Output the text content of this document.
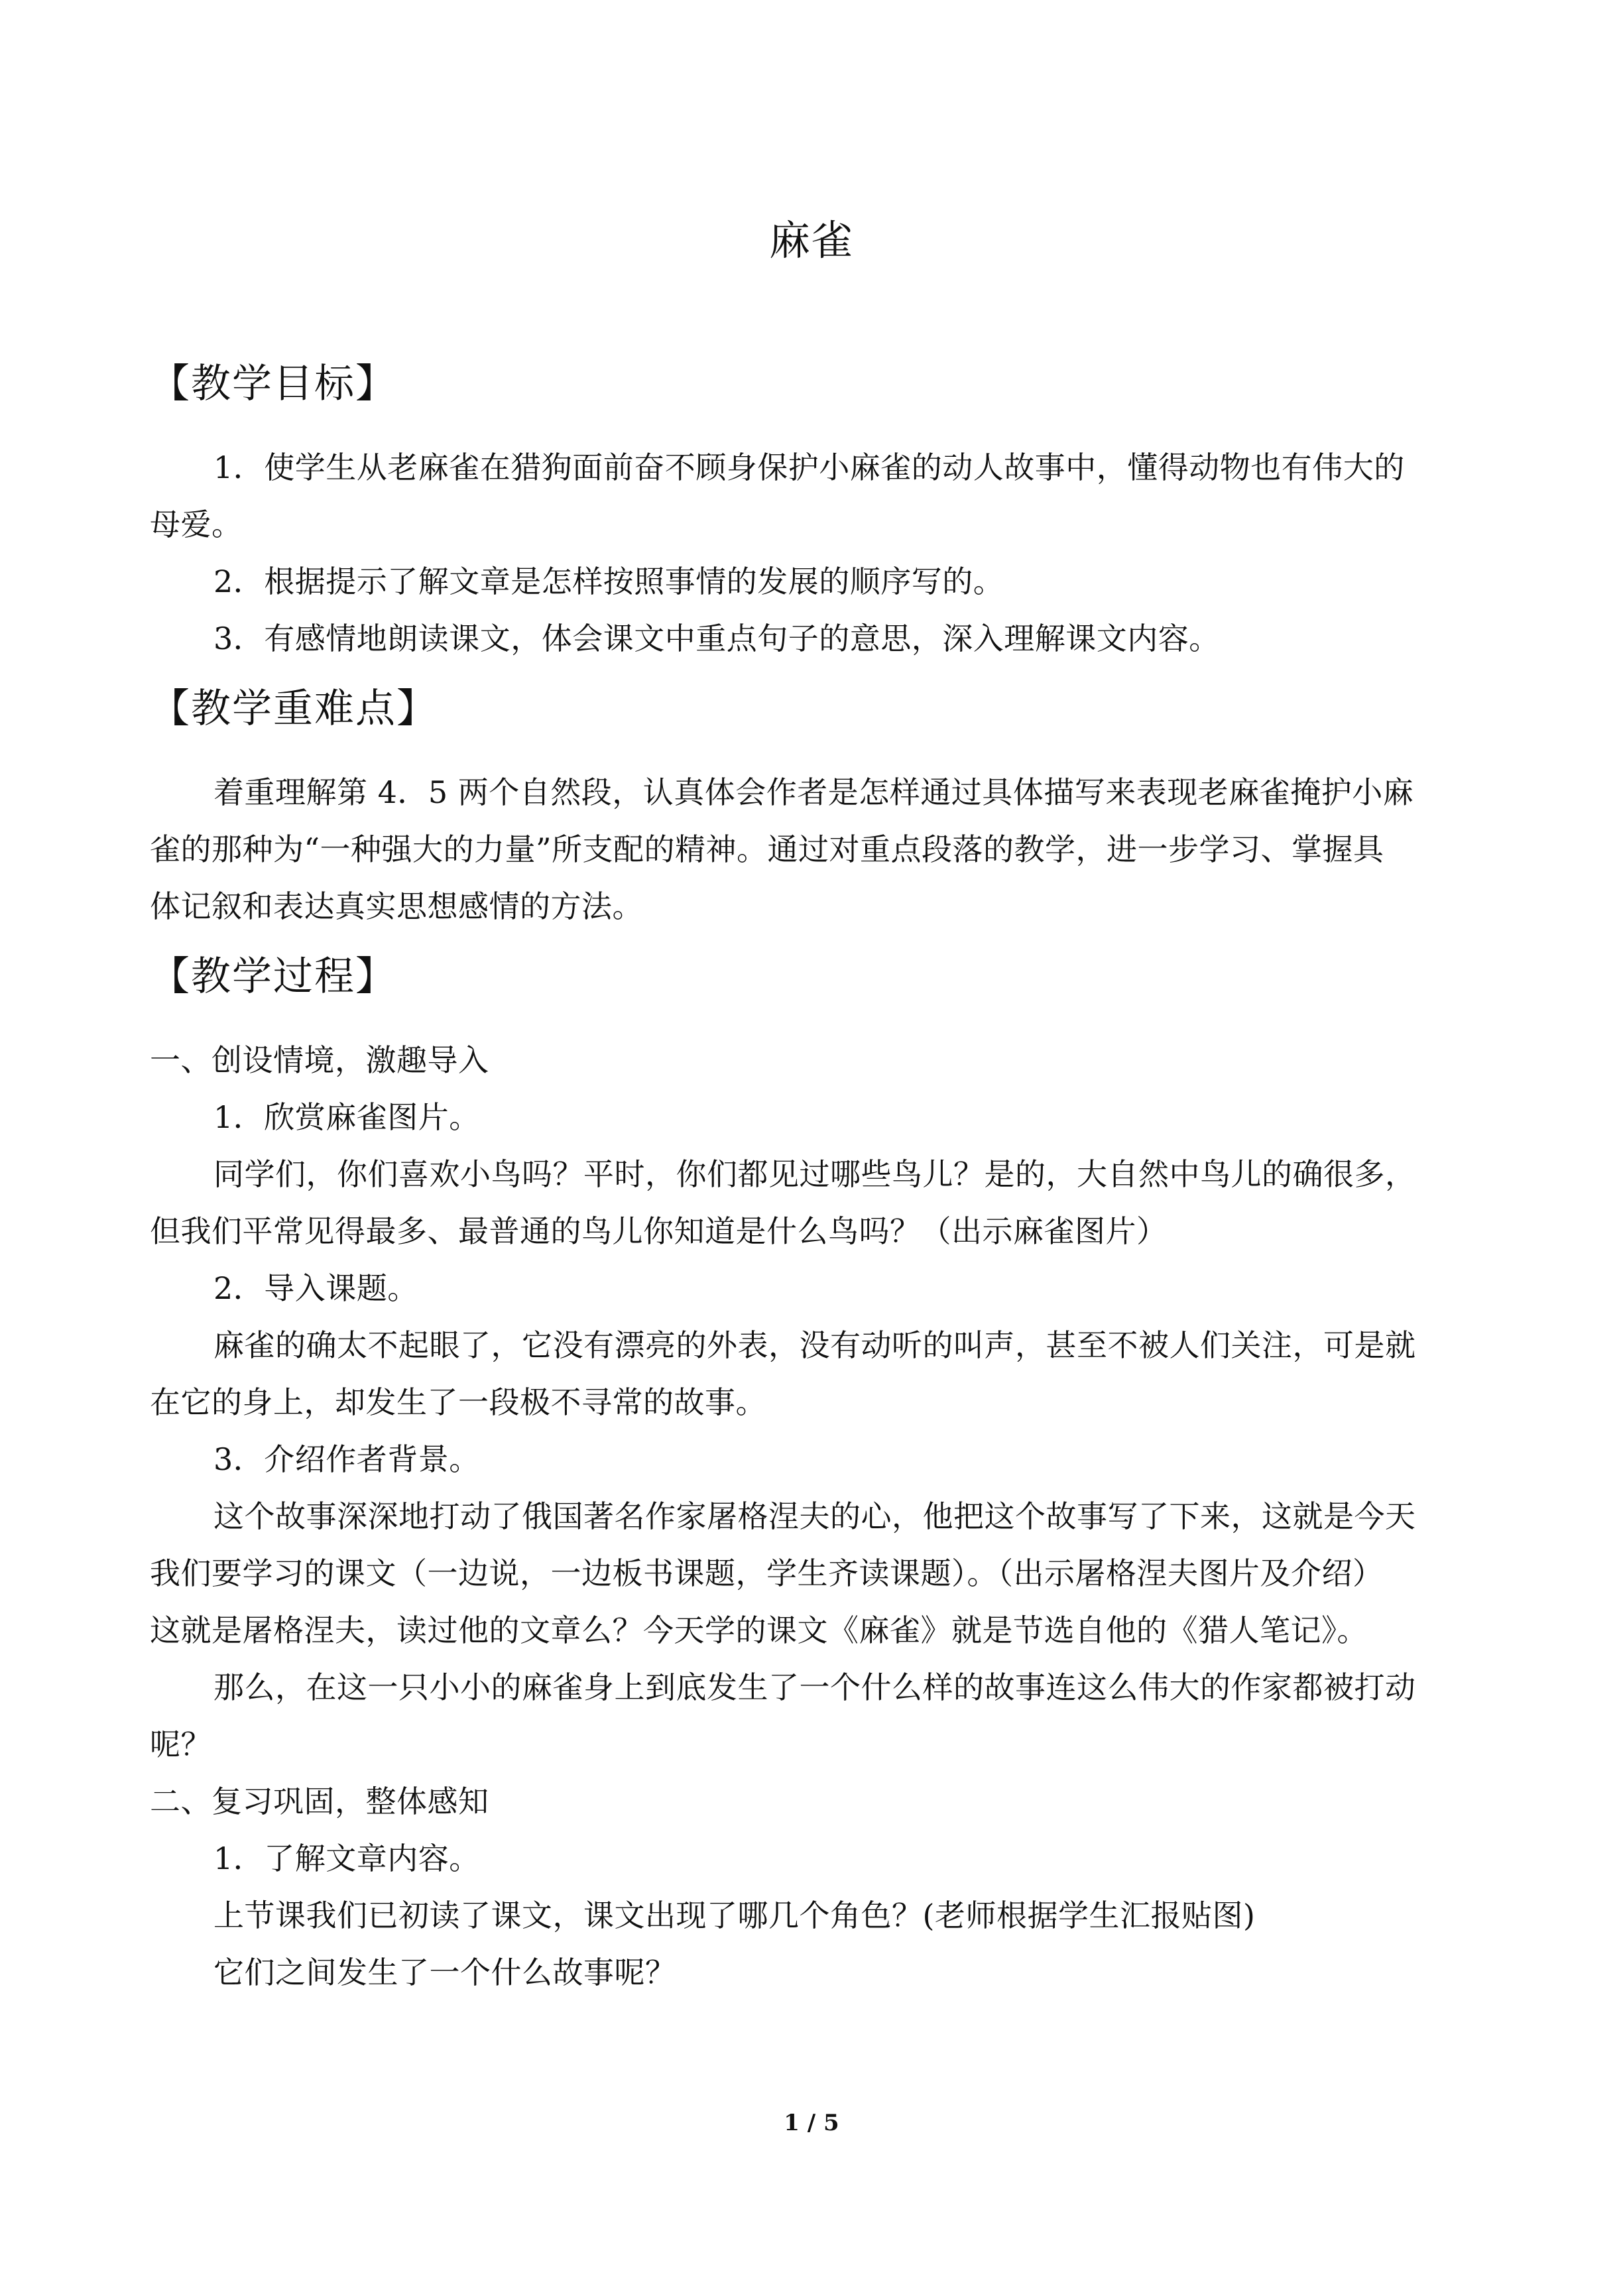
麻雀
【教学目标】
1．使学生从老麻雀在猎狗面前奋不顾身保护小麻雀的动人故事中，懂得动物也有伟大的
母爱。
2．根据提示了解文章是怎样按照事情的发展的顺序写的。
3．有感情地朗读课文，体会课文中重点句子的意思，深入理解课文内容。
【教学重难点】
着重理解第 4．5 两个自然段，认真体会作者是怎样通过具体描写来表现老麻雀掩护小麻
雀的那种为“一种强大的力量”所支配的精神。通过对重点段落的教学，进一步学习、掌握具
体记叙和表达真实思想感情的方法。
【教学过程】
一、创设情境，激趣导入
1．欣赏麻雀图片。
同学们，你们喜欢小鸟吗？平时，你们都见过哪些鸟儿？是的，大自然中鸟儿的确很多，
但我们平常见得最多、最普通的鸟儿你知道是什么鸟吗？（出示麻雀图片）
2．导入课题。
麻雀的确太不起眼了，它没有漂亮的外表，没有动听的叫声，甚至不被人们关注，可是就
在它的身上，却发生了一段极不寻常的故事。
3．介绍作者背景。
这个故事深深地打动了俄国著名作家屠格涅夫的心，他把这个故事写了下来，这就是今天
我们要学习的课文（一边说，一边板书课题，学生齐读课题）。（出示屠格涅夫图片及介绍）
这就是屠格涅夫，读过他的文章么？今天学的课文《麻雀》就是节选自他的《猎人笔记》。
那么，在这一只小小的麻雀身上到底发生了一个什么样的故事连这么伟大的作家都被打动
呢？
二、复习巩固，整体感知
1．了解文章内容。
上节课我们已初读了课文，课文出现了哪几个角色？(老师根据学生汇报贴图)
它们之间发生了一个什么故事呢？
1 / 5
